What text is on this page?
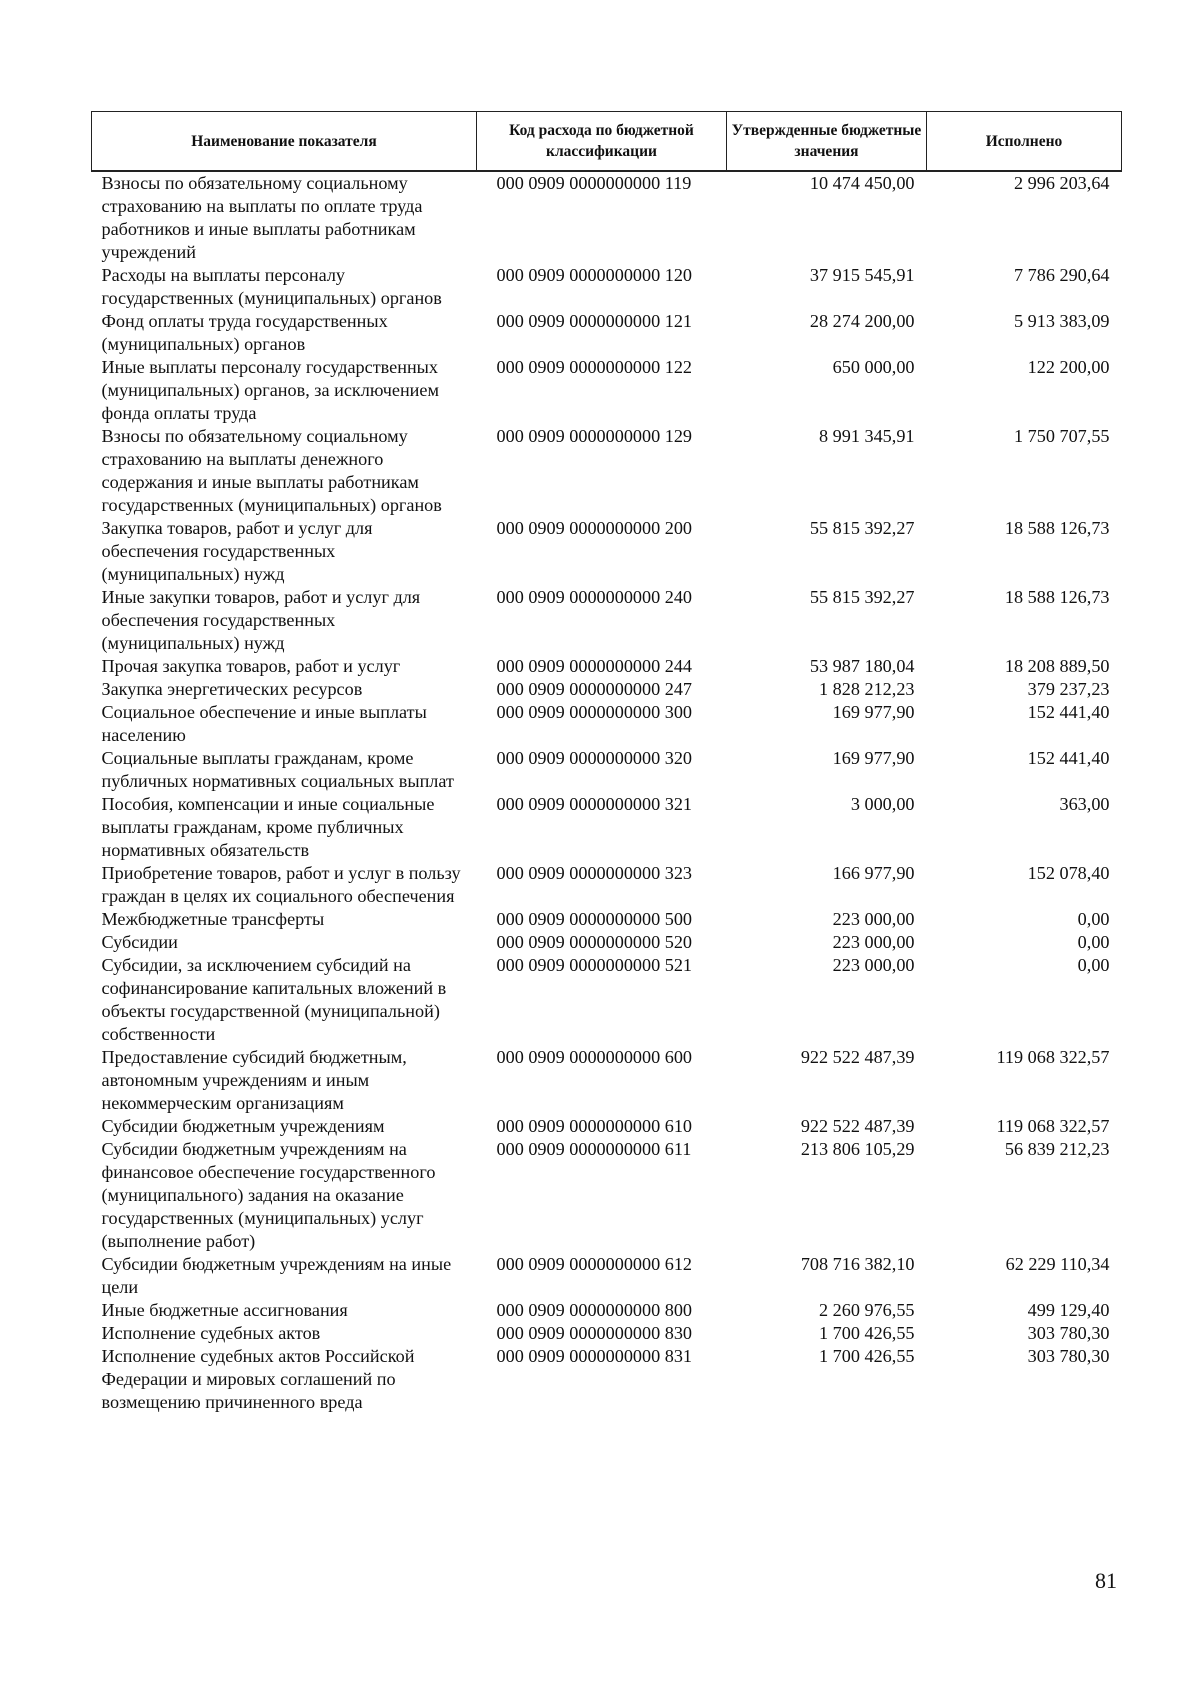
Наименование показателя	Код расхода по бюджетной классификации	Утвержденные бюджетные значения	Исполнено
Взносы по обязательному социальному страхованию на выплаты по оплате труда работников и иные выплаты работникам учреждений	000 0909 0000000000 119	10 474 450,00	2 996 203,64
Расходы на выплаты персоналу государственных (муниципальных) органов	000 0909 0000000000 120	37 915 545,91	7 786 290,64
Фонд оплаты труда государственных (муниципальных) органов	000 0909 0000000000 121	28 274 200,00	5 913 383,09
Иные выплаты персоналу государственных (муниципальных) органов, за исключением фонда оплаты труда	000 0909 0000000000 122	650 000,00	122 200,00
Взносы по обязательному социальному страхованию на выплаты денежного содержания и иные выплаты работникам государственных (муниципальных) органов	000 0909 0000000000 129	8 991 345,91	1 750 707,55
Закупка товаров, работ и услуг для обеспечения государственных (муниципальных) нужд	000 0909 0000000000 200	55 815 392,27	18 588 126,73
Иные закупки товаров, работ и услуг для обеспечения государственных (муниципальных) нужд	000 0909 0000000000 240	55 815 392,27	18 588 126,73
Прочая закупка товаров, работ и услуг	000 0909 0000000000 244	53 987 180,04	18 208 889,50
Закупка энергетических ресурсов	000 0909 0000000000 247	1 828 212,23	379 237,23
Социальное обеспечение и иные выплаты населению	000 0909 0000000000 300	169 977,90	152 441,40
Социальные выплаты гражданам, кроме публичных нормативных социальных выплат	000 0909 0000000000 320	169 977,90	152 441,40
Пособия, компенсации и иные социальные выплаты гражданам, кроме публичных нормативных обязательств	000 0909 0000000000 321	3 000,00	363,00
Приобретение товаров, работ и услуг в пользу граждан в целях их социального обеспечения	000 0909 0000000000 323	166 977,90	152 078,40
Межбюджетные трансферты	000 0909 0000000000 500	223 000,00	0,00
Субсидии	000 0909 0000000000 520	223 000,00	0,00
Субсидии, за исключением субсидий на софинансирование капитальных вложений в объекты государственной (муниципальной) собственности	000 0909 0000000000 521	223 000,00	0,00
Предоставление субсидий бюджетным, автономным учреждениям и иным некоммерческим организациям	000 0909 0000000000 600	922 522 487,39	119 068 322,57
Субсидии бюджетным учреждениям	000 0909 0000000000 610	922 522 487,39	119 068 322,57
Субсидии бюджетным учреждениям на финансовое обеспечение государственного (муниципального) задания на оказание государственных (муниципальных) услуг (выполнение работ)	000 0909 0000000000 611	213 806 105,29	56 839 212,23
Субсидии бюджетным учреждениям на иные цели	000 0909 0000000000 612	708 716 382,10	62 229 110,34
Иные бюджетные ассигнования	000 0909 0000000000 800	2 260 976,55	499 129,40
Исполнение судебных актов	000 0909 0000000000 830	1 700 426,55	303 780,30
Исполнение судебных актов Российской Федерации и мировых соглашений по возмещению причиненного вреда	000 0909 0000000000 831	1 700 426,55	303 780,30
81
